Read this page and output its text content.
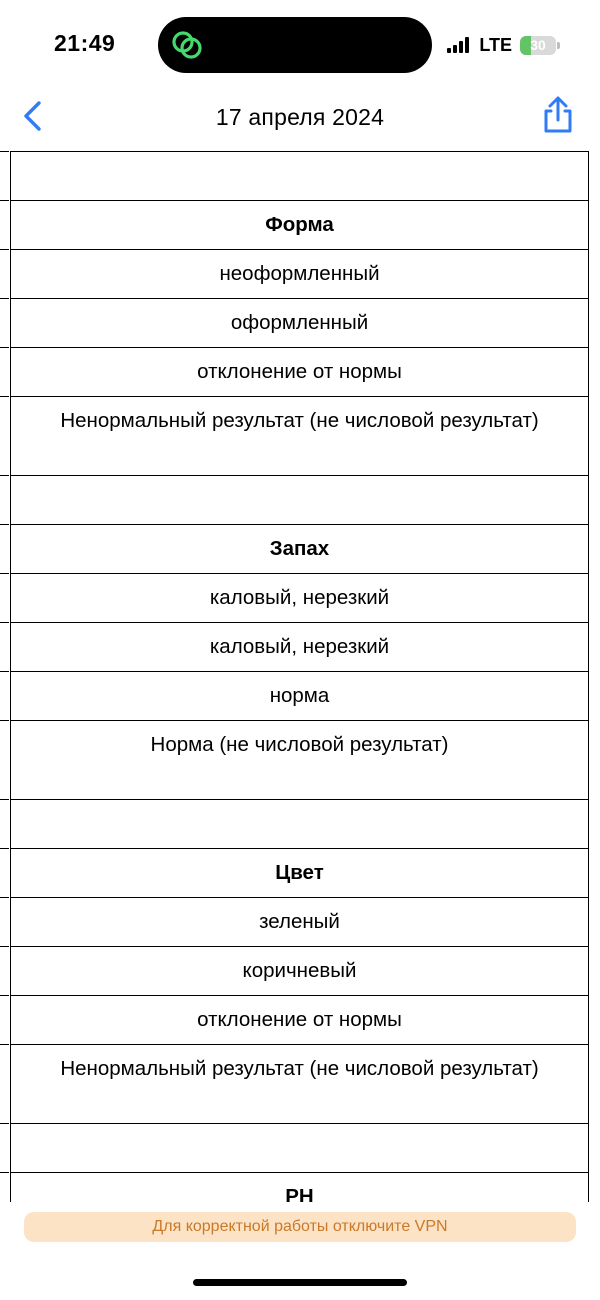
21:49	LTE	30
17 апреля 2024
Форма
неоформленный
оформленный
отклонение от нормы
Ненормальный результат (не числовой результат)
Запах
каловый, нерезкий
каловый, нерезкий
норма
Норма (не числовой результат)
Цвет
зеленый
коричневый
отклонение от нормы
Ненормальный результат (не числовой результат)
PH
Для корректной работы отключите VPN
